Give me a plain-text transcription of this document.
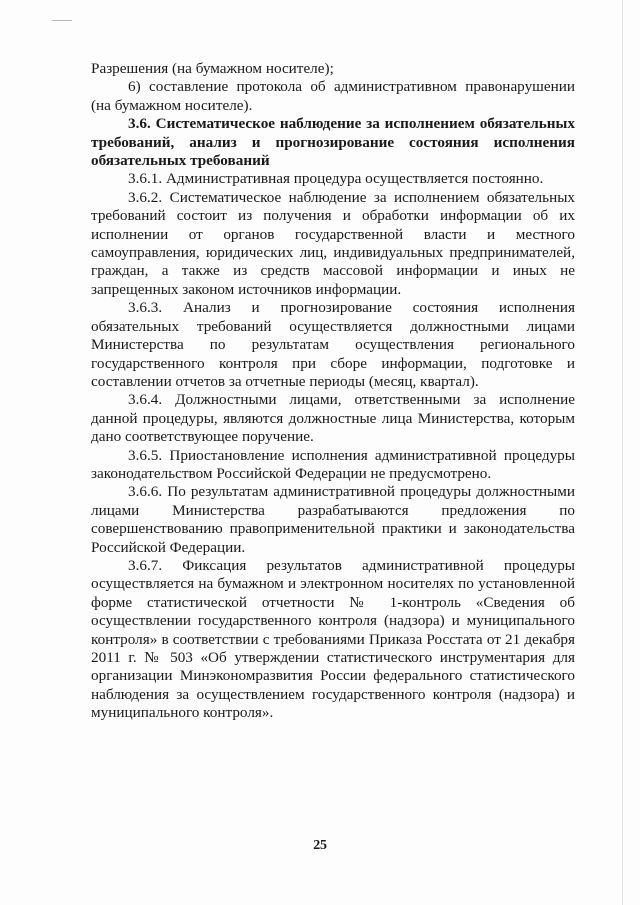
Разрешения (на бумажном носителе);

6) составление протокола об административном правонарушении (на бумажном носителе).

3.6. Систематическое наблюдение за исполнением обязательных требований, анализ и прогнозирование состояния исполнения обязательных требований

3.6.1. Административная процедура осуществляется постоянно.

3.6.2. Систематическое наблюдение за исполнением обязательных требований состоит из получения и обработки информации об их исполнении от органов государственной власти и местного самоуправления, юридических лиц, индивидуальных предпринимателей, граждан, а также из средств массовой информации и иных не запрещенных законом источников информации.

3.6.3. Анализ и прогнозирование состояния исполнения обязательных требований осуществляется должностными лицами Министерства по результатам осуществления регионального государственного контроля при сборе информации, подготовке и составлении отчетов за отчетные периоды (месяц, квартал).

3.6.4. Должностными лицами, ответственными за исполнение данной процедуры, являются должностные лица Министерства, которым дано соответствующее поручение.

3.6.5. Приостановление исполнения административной процедуры законодательством Российской Федерации не предусмотрено.

3.6.6. По результатам административной процедуры должностными лицами Министерства разрабатываются предложения по совершенствованию правоприменительной практики и законодательства Российской Федерации.

3.6.7. Фиксация результатов административной процедуры осуществляется на бумажном и электронном носителях по установленной форме статистической отчетности № 1-контроль «Сведения об осуществлении государственного контроля (надзора) и муниципального контроля» в соответствии с требованиями Приказа Росстата от 21 декабря 2011 г. № 503 «Об утверждении статистического инструментария для организации Минэкономразвития России федерального статистического наблюдения за осуществлением государственного контроля (надзора) и муниципального контроля».

25
